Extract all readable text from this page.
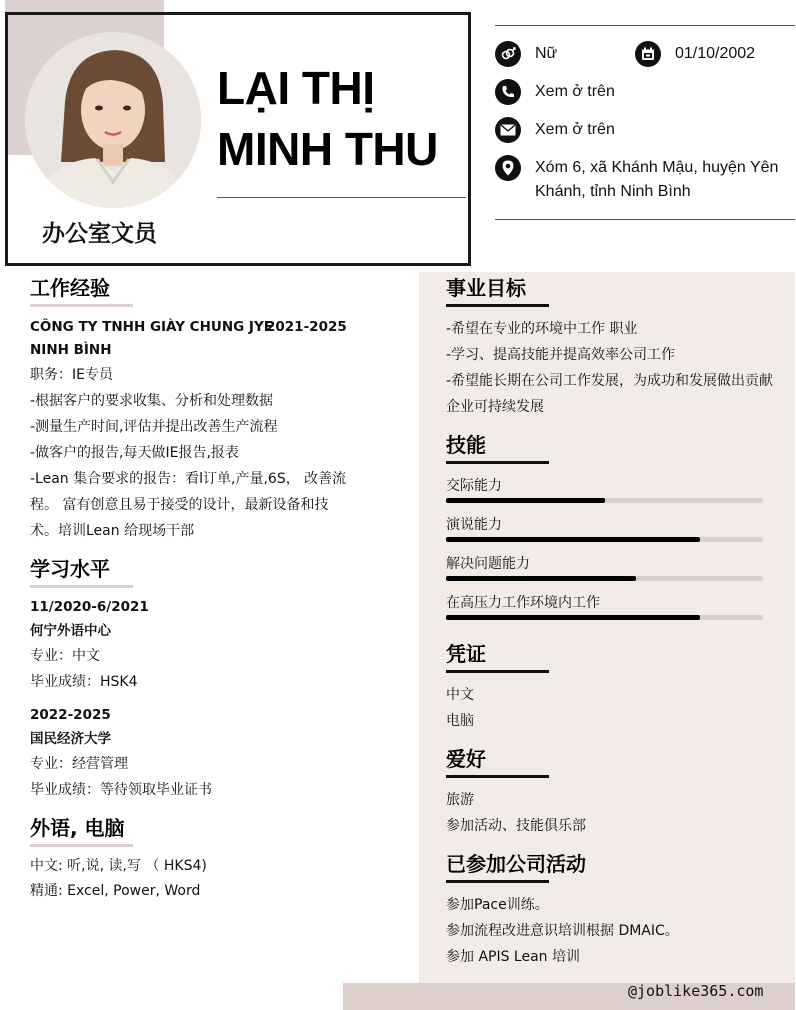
LẠI THỊ
MINH THU
办公室文员
Nữ	01/10/2002
Xem ở trên
Xem ở trên
Xóm 6, xã Khánh Mậu, huyện Yên
Khánh, tỉnh Ninh Bình
工作经验
CÔNG TY TNHH GIÀY CHUNG JYE
2021-2025
NINH BÌNH
职务：IE专员
-根据客户的要求收集、分析和处理数据
-测量生产时间,评估并提出改善生产流程
-做客户的报告,每天做IE报告,报表
-Lean 集合要求的报告：看l订单,产量,6S， 改善流
程。 富有创意且易于接受的设计，最新设备和技
术。培训Lean 给现场干部
学习水平
11/2020-6/2021
何宁外语中心
专业：中文
毕业成绩：HSK4
2022-2025
国民经济大学
专业：经营管理
毕业成绩：等待领取毕业证书
外语, 电脑
中文: 听,说, 读,写 （ HKS4)
精通: Excel, Power, Word
事业目标
-希望在专业的环境中工作 职业
-学习、提高技能并提高效率公司工作
-希望能长期在公司工作发展，为成功和发展做出贡献
企业可持续发展
技能
交际能力
演说能力
解决问题能力
在高压力工作环境内工作
凭证
中文
电脑
爱好
旅游
参加活动、技能俱乐部
已参加公司活动
参加Pace训练。
参加流程改进意识培训根据 DMAIC。
参加 APIS Lean 培训
@joblike365.com
